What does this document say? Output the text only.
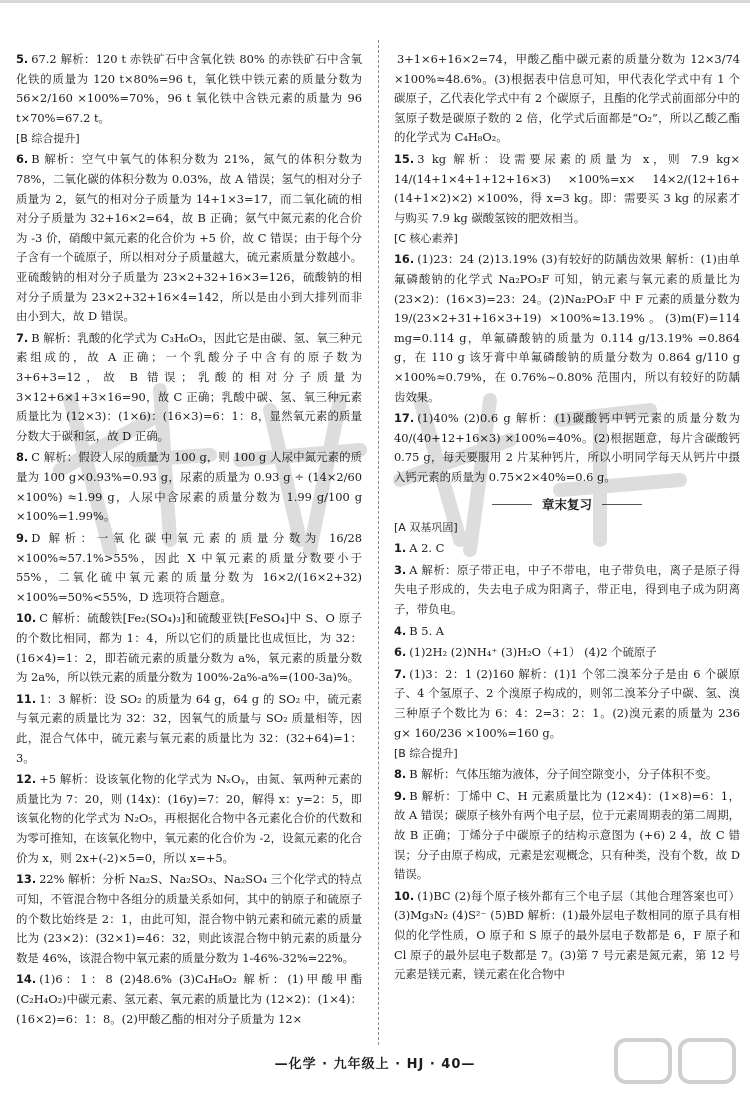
5. 67.2 解析：120 t 赤铁矿石中含氧化铁 80% 的赤铁矿石中含氧化铁的质量为 120 t×80%=96 t，氧化铁中铁元素的质量分数为 56×2/160 ×100%=70%，96 t 氧化铁中含铁元素的质量为 96 t×70%=67.2 t。
[B 综合提升]
6. B 解析：空气中氧气的体积分数为 21%，氮气的体积分数为 78%，二氧化碳的体积分数为 0.03%，故 A 错误；氢气的相对分子质量为 2，氨气的相对分子质量为 14+1×3=17，而二氧化硫的相对分子质量为 32+16×2=64，故 B 正确；氨气中氮元素的化合价为 -3 价，硝酸中氮元素的化合价为 +5 价，故 C 错误；由于每个分子含有一个硫原子，所以相对分子质量越大，硫元素质量分数越小。亚硫酸钠的相对分子质量为 23×2+32+16×3=126，硫酸钠的相对分子质量为 23×2+32+16×4=142，所以是由小到大排列而非由小到大，故 D 错误。
7. B 解析：乳酸的化学式为 C₃H₆O₃，因此它是由碳、氢、氧三种元素组成的，故 A 正确；一个乳酸分子中含有的原子数为 3+6+3=12，故 B 错误；乳酸的相对分子质量为 3×12+6×1+3×16=90，故 C 正确；乳酸中碳、氢、氧三种元素质量比为 (12×3)：(1×6)：(16×3)=6：1：8，显然氧元素的质量分数大于碳和氢，故 D 正确。
8. C 解析：假设人尿的质量为 100 g，则 100 g 人尿中氮元素的质量为 100 g×0.93%=0.93 g，尿素的质量为 0.93 g ÷ (14×2/60 ×100%) ≈1.99 g，人尿中含尿素的质量分数为 1.99 g/100 g ×100%=1.99%。
9. D 解析：一氧化碳中氧元素的质量分数为 16/28 ×100%≈57.1%>55%，因此 X 中氧元素的质量分数要小于 55%，二氧化硫中氧元素的质量分数为 16×2/(16×2+32) ×100%=50%<55%，D 选项符合题意。
10. C 解析：硫酸铁[Fe₂(SO₄)₃]和硫酸亚铁[FeSO₄]中 S、O 原子的个数比相同，都为 1：4，所以它们的质量比也成恒比，为 32：(16×4)=1：2，即若硫元素的质量分数为 a%，氧元素的质量分数为 2a%，所以铁元素的质量分数为 100%-2a%-a%=(100-3a)%。
11. 1：3 解析：设 SO₂ 的质量为 64 g，64 g 的 SO₂ 中，硫元素与氧元素的质量比为 32：32，因氧气的质量与 SO₂ 质量相等，因此，混合气体中，硫元素与氧元素的质量比为 32：(32+64)=1：3。
12. +5 解析：设该氧化物的化学式为 NₓOᵧ，由氮、氧两种元素的质量比为 7：20，则 (14x)：(16y)=7：20，解得 x：y=2：5，即该氧化物的化学式为 N₂O₅，再根据化合物中各元素化合价的代数和为零可推知，在该氧化物中，氧元素的化合价为 -2，设氮元素的化合价为 x，则 2x+(-2)×5=0，所以 x=+5。
13. 22% 解析：分析 Na₂S、Na₂SO₃、Na₂SO₄ 三个化学式的特点可知，不管混合物中各组分的质量关系如何，其中的钠原子和硫原子的个数比始终是 2：1，由此可知，混合物中钠元素和硫元素的质量比为 (23×2)：(32×1)=46：32，则此该混合物中钠元素的质量分数是 46%，该混合物中氧元素的质量分数为 1-46%-32%=22%。
14. (1)6：1：8 (2)48.6% (3)C₄H₈O₂ 解析：(1)甲酸甲酯(C₂H₄O₂)中碳元素、氢元素、氧元素的质量比为 (12×2)：(1×4)：(16×2)=6：1：8。(2)甲酸乙酯的相对分子质量为 12×
3+1×6+16×2=74，甲酸乙酯中碳元素的质量分数为 12×3/74 ×100%≈48.6%。(3)根据表中信息可知，甲代表化学式中有 1 个碳原子，乙代表化学式中有 2 个碳原子，且酯的化学式前面部分中的氢原子数是碳原子数的 2 倍，化学式后面都是“O₂”，所以乙酸乙酯的化学式为 C₄H₈O₂。
15. 3 kg 解析：设需要尿素的质量为 x，则 7.9 kg× 14/(14+1×4+1+12+16×3) ×100%=x× 14×2/(12+16+(14+1×2)×2) ×100%，得 x=3 kg。即：需要买 3 kg 的尿素才与购买 7.9 kg 碳酸氢铵的肥效相当。
[C 核心素养]
16. (1)23：24 (2)13.19% (3)有较好的防龋齿效果 解析：(1)由单氟磷酸钠的化学式 Na₂PO₃F 可知，钠元素与氧元素的质量比为 (23×2)：(16×3)=23：24。(2)Na₂PO₃F 中 F 元素的质量分数为 19/(23×2+31+16×3+19) ×100%≈13.19%。(3)m(F)=114 mg=0.114 g，单氟磷酸钠的质量为 0.114 g/13.19% =0.864 g，在 110 g 该牙膏中单氟磷酸钠的质量分数为 0.864 g/110 g ×100%≈0.79%，在 0.76%~0.80% 范围内，所以有较好的防龋齿效果。
17. (1)40% (2)0.6 g 解析：(1)碳酸钙中钙元素的质量分数为 40/(40+12+16×3) ×100%=40%。(2)根据题意，每片含碳酸钙 0.75 g，每天要服用 2 片某种钙片，所以小明同学每天从钙片中摄入钙元素的质量为 0.75×2×40%=0.6 g。
章末复习
[A 双基巩固]
1. A 2. C
3. A 解析：原子带正电，中子不带电，电子带负电，离子是原子得失电子形成的，失去电子成为阳离子，带正电，得到电子成为阴离子，带负电。
4. B 5. A
6. (1)2H₂ (2)NH₄⁺ (3)H₂O（+1） (4)2 个硫原子
7. (1)3：2：1 (2)160 解析：(1)1 个邻二溴苯分子是由 6 个碳原子、4 个氢原子、2 个溴原子构成的，则邻二溴苯分子中碳、氢、溴三种原子个数比为 6：4：2=3：2：1。(2)溴元素的质量为 236 g× 160/236 ×100%=160 g。
[B 综合提升]
8. B 解析：气体压缩为液体，分子间空隙变小，分子体积不变。
9. B 解析：丁烯中 C、H 元素质量比为 (12×4)：(1×8)=6：1，故 A 错误；碳原子核外有两个电子层，位于元素周期表的第二周期，故 B 正确；丁烯分子中碳原子的结构示意图为 (+6) 2 4，故 C 错误；分子由原子构成，元素是宏观概念，只有种类，没有个数，故 D 错误。
10. (1)BC (2)每个原子核外都有三个电子层（其他合理答案也可） (3)Mg₃N₂ (4)S²⁻ (5)BD 解析：(1)最外层电子数相同的原子具有相似的化学性质，O 原子和 S 原子的最外层电子数都是 6，F 原子和 Cl 原子的最外层电子数都是 7。(3)第 7 号元素是氮元素，第 12 号元素是镁元素，镁元素在化合物中
—化学 · 九年级上 · HJ · 40—
